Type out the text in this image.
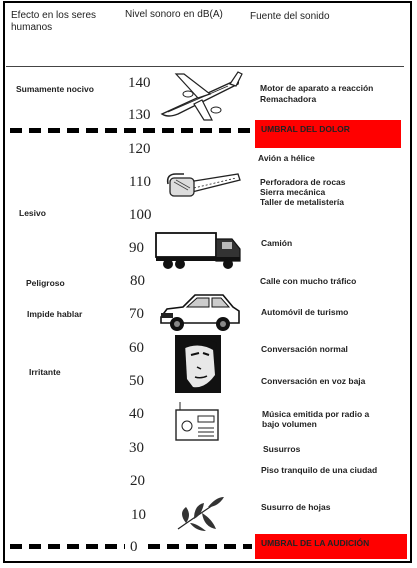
Efecto en los seres humanos
Nivel sonoro en dB(A)	Fuente del sonido
Sumamente nocivo
Lesivo
Peligroso
Impide hablar
Irritante
140
130
120
110
100
90
80
70
60
50
40
30
20
10
0
Motor de aparato a reacción
Remachadora
Avión a hélice
Perforadora de rocas
Sierra mecánica
Taller de metalistería
Camión
Calle con mucho tráfico
Automóvil de turismo
Conversación normal
Conversación en voz baja
Música emitida por radio a
bajo volumen
Susurros
Piso tranquilo de una ciudad
Susurro de hojas
UMBRAL DEL DOLOR
UMBRAL DE LA AUDICIÓN
